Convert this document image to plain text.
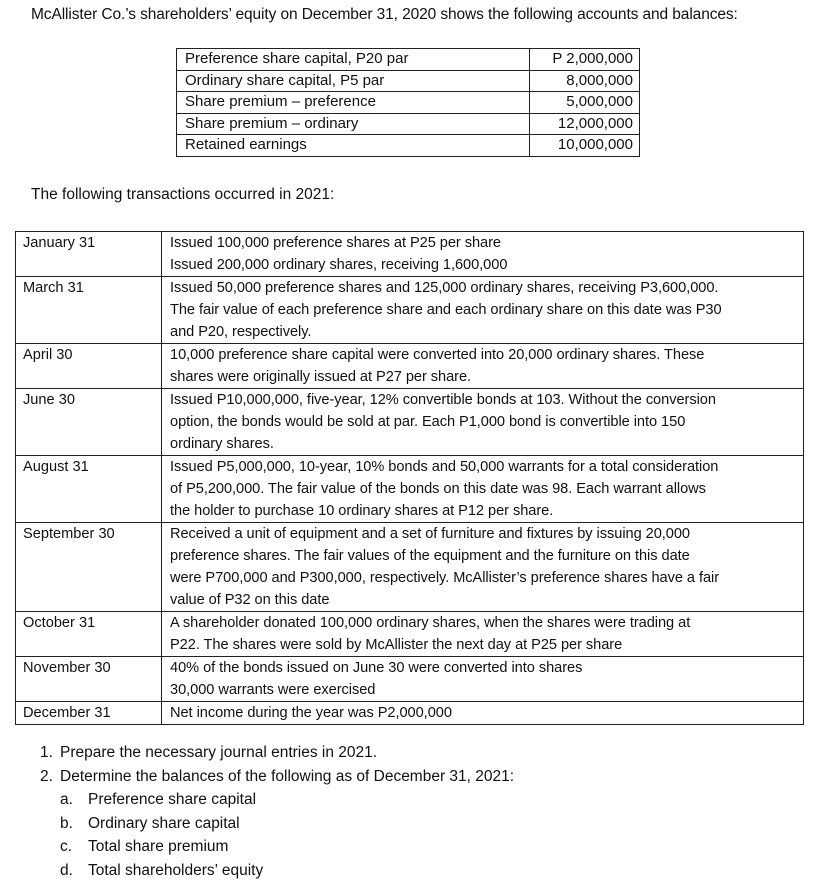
McAllister Co.’s shareholders’ equity on December 31, 2020 shows the following accounts and balances:
Preference share capital, P20 par	P 2,000,000
Ordinary share capital, P5 par	8,000,000
Share premium – preference	5,000,000
Share premium – ordinary	12,000,000
Retained earnings	10,000,000
The following transactions occurred in 2021:
January 31	Issued 100,000 preference shares at P25 per share
Issued 200,000 ordinary shares, receiving 1,600,000

March 31	Issued 50,000 preference shares and 125,000 ordinary shares, receiving P3,600,000.
The fair value of each preference share and each ordinary share on this date was P30
and P20, respectively.

April 30	10,000 preference share capital were converted into 20,000 ordinary shares. These
shares were originally issued at P27 per share.

June 30	Issued P10,000,000, five-year, 12% convertible bonds at 103. Without the conversion
option, the bonds would be sold at par. Each P1,000 bond is convertible into 150
ordinary shares.

August 31	Issued P5,000,000, 10-year, 10% bonds and 50,000 warrants for a total consideration
of P5,200,000. The fair value of the bonds on this date was 98. Each warrant allows
the holder to purchase 10 ordinary shares at P12 per share.

September 30	Received a unit of equipment and a set of furniture and fixtures by issuing 20,000
preference shares. The fair values of the equipment and the furniture on this date
were P700,000 and P300,000, respectively. McAllister’s preference shares have a fair
value of P32 on this date

October 31	A shareholder donated 100,000 ordinary shares, when the shares were trading at
P22. The shares were sold by McAllister the next day at P25 per share

November 30	40% of the bonds issued on June 30 were converted into shares
30,000 warrants were exercised

December 31	Net income during the year was P2,000,000
1. Prepare the necessary journal entries in 2021.
2. Determine the balances of the following as of December 31, 2021:
a. Preference share capital
b. Ordinary share capital
c. Total share premium
d. Total shareholders’ equity
